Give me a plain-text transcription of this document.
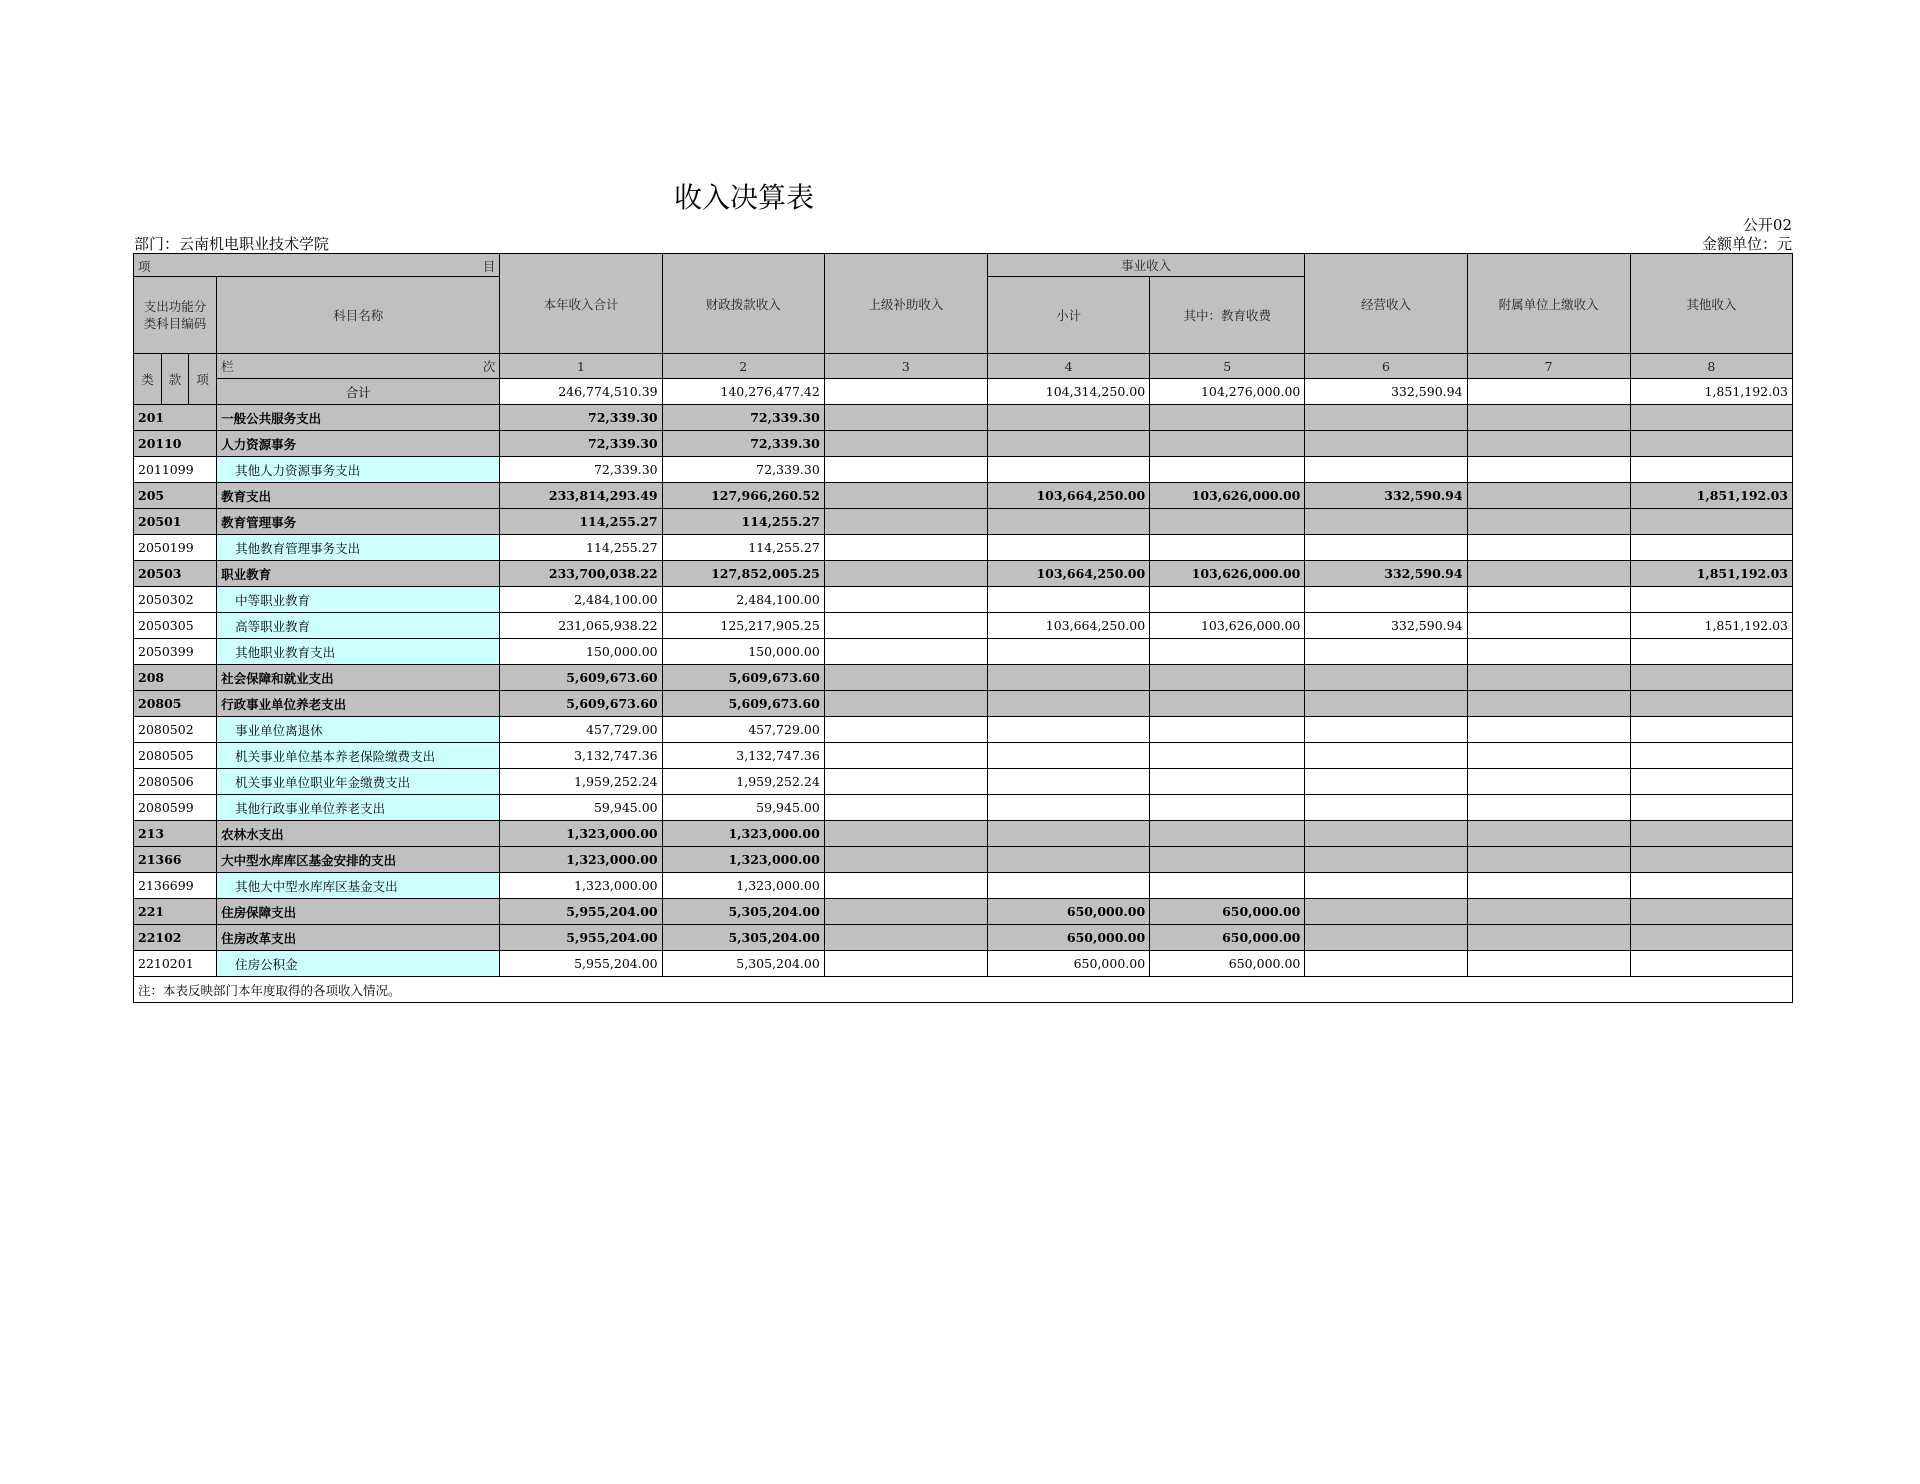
收入决算表
公开02
部门：云南机电职业技术学院	金额单位：元
项 目				本年收入合计	财政拨款收入	上级补助收入	事业收入		经营收入	附属单位上缴收入	其他收入
支出功能分类科目编码			科目名称				小计	其中：教育收费			

类	款	项	栏 次	1	2	3	4	5	6	7	8
			合计	246,774,510.39	140,276,477.42		104,314,250.00	104,276,000.00	332,590.94		1,851,192.03
201			一般公共服务支出	72,339.30	72,339.30						
20110			人力资源事务	72,339.30	72,339.30						
2011099			其他人力资源事务支出	72,339.30	72,339.30						
205			教育支出	233,814,293.49	127,966,260.52		103,664,250.00	103,626,000.00	332,590.94		1,851,192.03
20501			教育管理事务	114,255.27	114,255.27						
2050199			其他教育管理事务支出	114,255.27	114,255.27						
20503			职业教育	233,700,038.22	127,852,005.25		103,664,250.00	103,626,000.00	332,590.94		1,851,192.03
2050302			中等职业教育	2,484,100.00	2,484,100.00						
2050305			高等职业教育	231,065,938.22	125,217,905.25		103,664,250.00	103,626,000.00	332,590.94		1,851,192.03
2050399			其他职业教育支出	150,000.00	150,000.00						
208			社会保障和就业支出	5,609,673.60	5,609,673.60						
20805			行政事业单位养老支出	5,609,673.60	5,609,673.60						
2080502			事业单位离退休	457,729.00	457,729.00						
2080505			机关事业单位基本养老保险缴费支出	3,132,747.36	3,132,747.36						
2080506			机关事业单位职业年金缴费支出	1,959,252.24	1,959,252.24						
2080599			其他行政事业单位养老支出	59,945.00	59,945.00						
213			农林水支出	1,323,000.00	1,323,000.00						
21366			大中型水库库区基金安排的支出	1,323,000.00	1,323,000.00						
2136699			其他大中型水库库区基金支出	1,323,000.00	1,323,000.00						
221			住房保障支出	5,955,204.00	5,305,204.00		650,000.00	650,000.00			
22102			住房改革支出	5,955,204.00	5,305,204.00		650,000.00	650,000.00			
2210201			住房公积金	5,955,204.00	5,305,204.00		650,000.00	650,000.00			
注：本表反映部门本年度取得的各项收入情况。											
